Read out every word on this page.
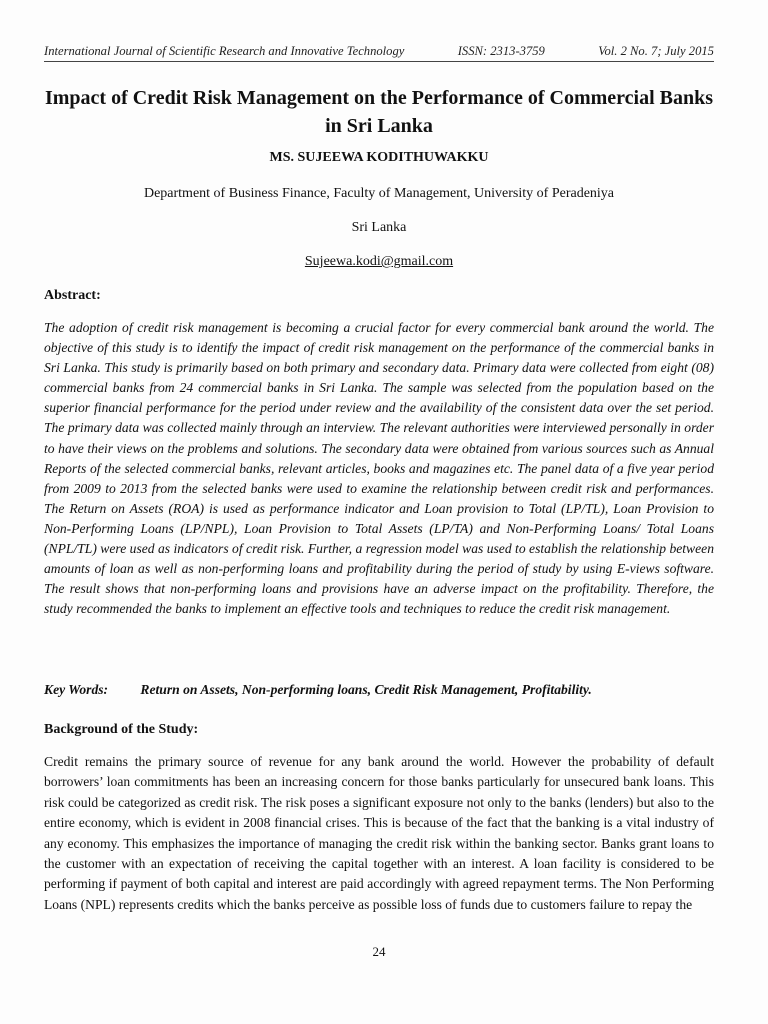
International Journal of Scientific Research and Innovative Technology	ISSN: 2313-3759	Vol. 2 No. 7; July 2015
Impact of Credit Risk Management on the Performance of Commercial Banks in Sri Lanka
MS. SUJEEWA KODITHUWAKKU
Department of Business Finance, Faculty of Management, University of Peradeniya
Sri Lanka
Sujeewa.kodi@gmail.com
Abstract:
The adoption of credit risk management is becoming a crucial factor for every commercial bank around the world. The objective of this study is to identify the impact of credit risk management on the performance of the commercial banks in Sri Lanka. This study is primarily based on both primary and secondary data. Primary data were collected from eight (08) commercial banks from 24 commercial banks in Sri Lanka. The sample was selected from the population based on the superior financial performance for the period under review and the availability of the consistent data over the set period. The primary data was collected mainly through an interview. The relevant authorities were interviewed personally in order to have their views on the problems and solutions. The secondary data were obtained from various sources such as Annual Reports of the selected commercial banks, relevant articles, books and magazines etc. The panel data of a five year period from 2009 to 2013 from the selected banks were used to examine the relationship between credit risk and performances. The Return on Assets (ROA) is used as performance indicator and Loan provision to Total (LP/TL), Loan Provision to Non-Performing Loans (LP/NPL), Loan Provision to Total Assets (LP/TA) and Non-Performing Loans/ Total Loans (NPL/TL) were used as indicators of credit risk. Further, a regression model was used to establish the relationship between amounts of loan as well as non-performing loans and profitability during the period of study by using E-views software. The result shows that non-performing loans and provisions have an adverse impact on the profitability. Therefore, the study recommended the banks to implement an effective tools and techniques to reduce the credit risk management.
Key Words: Return on Assets, Non-performing loans, Credit Risk Management, Profitability.
Background of the Study:
Credit remains the primary source of revenue for any bank around the world. However the probability of default borrowers’ loan commitments has been an increasing concern for those banks particularly for unsecured bank loans. This risk could be categorized as credit risk. The risk poses a significant exposure not only to the banks (lenders) but also to the entire economy, which is evident in 2008 financial crises. This is because of the fact that the banking is a vital industry of any economy. This emphasizes the importance of managing the credit risk within the banking sector. Banks grant loans to the customer with an expectation of receiving the capital together with an interest. A loan facility is considered to be performing if payment of both capital and interest are paid accordingly with agreed repayment terms. The Non Performing Loans (NPL) represents credits which the banks perceive as possible loss of funds due to customers failure to repay the
24
